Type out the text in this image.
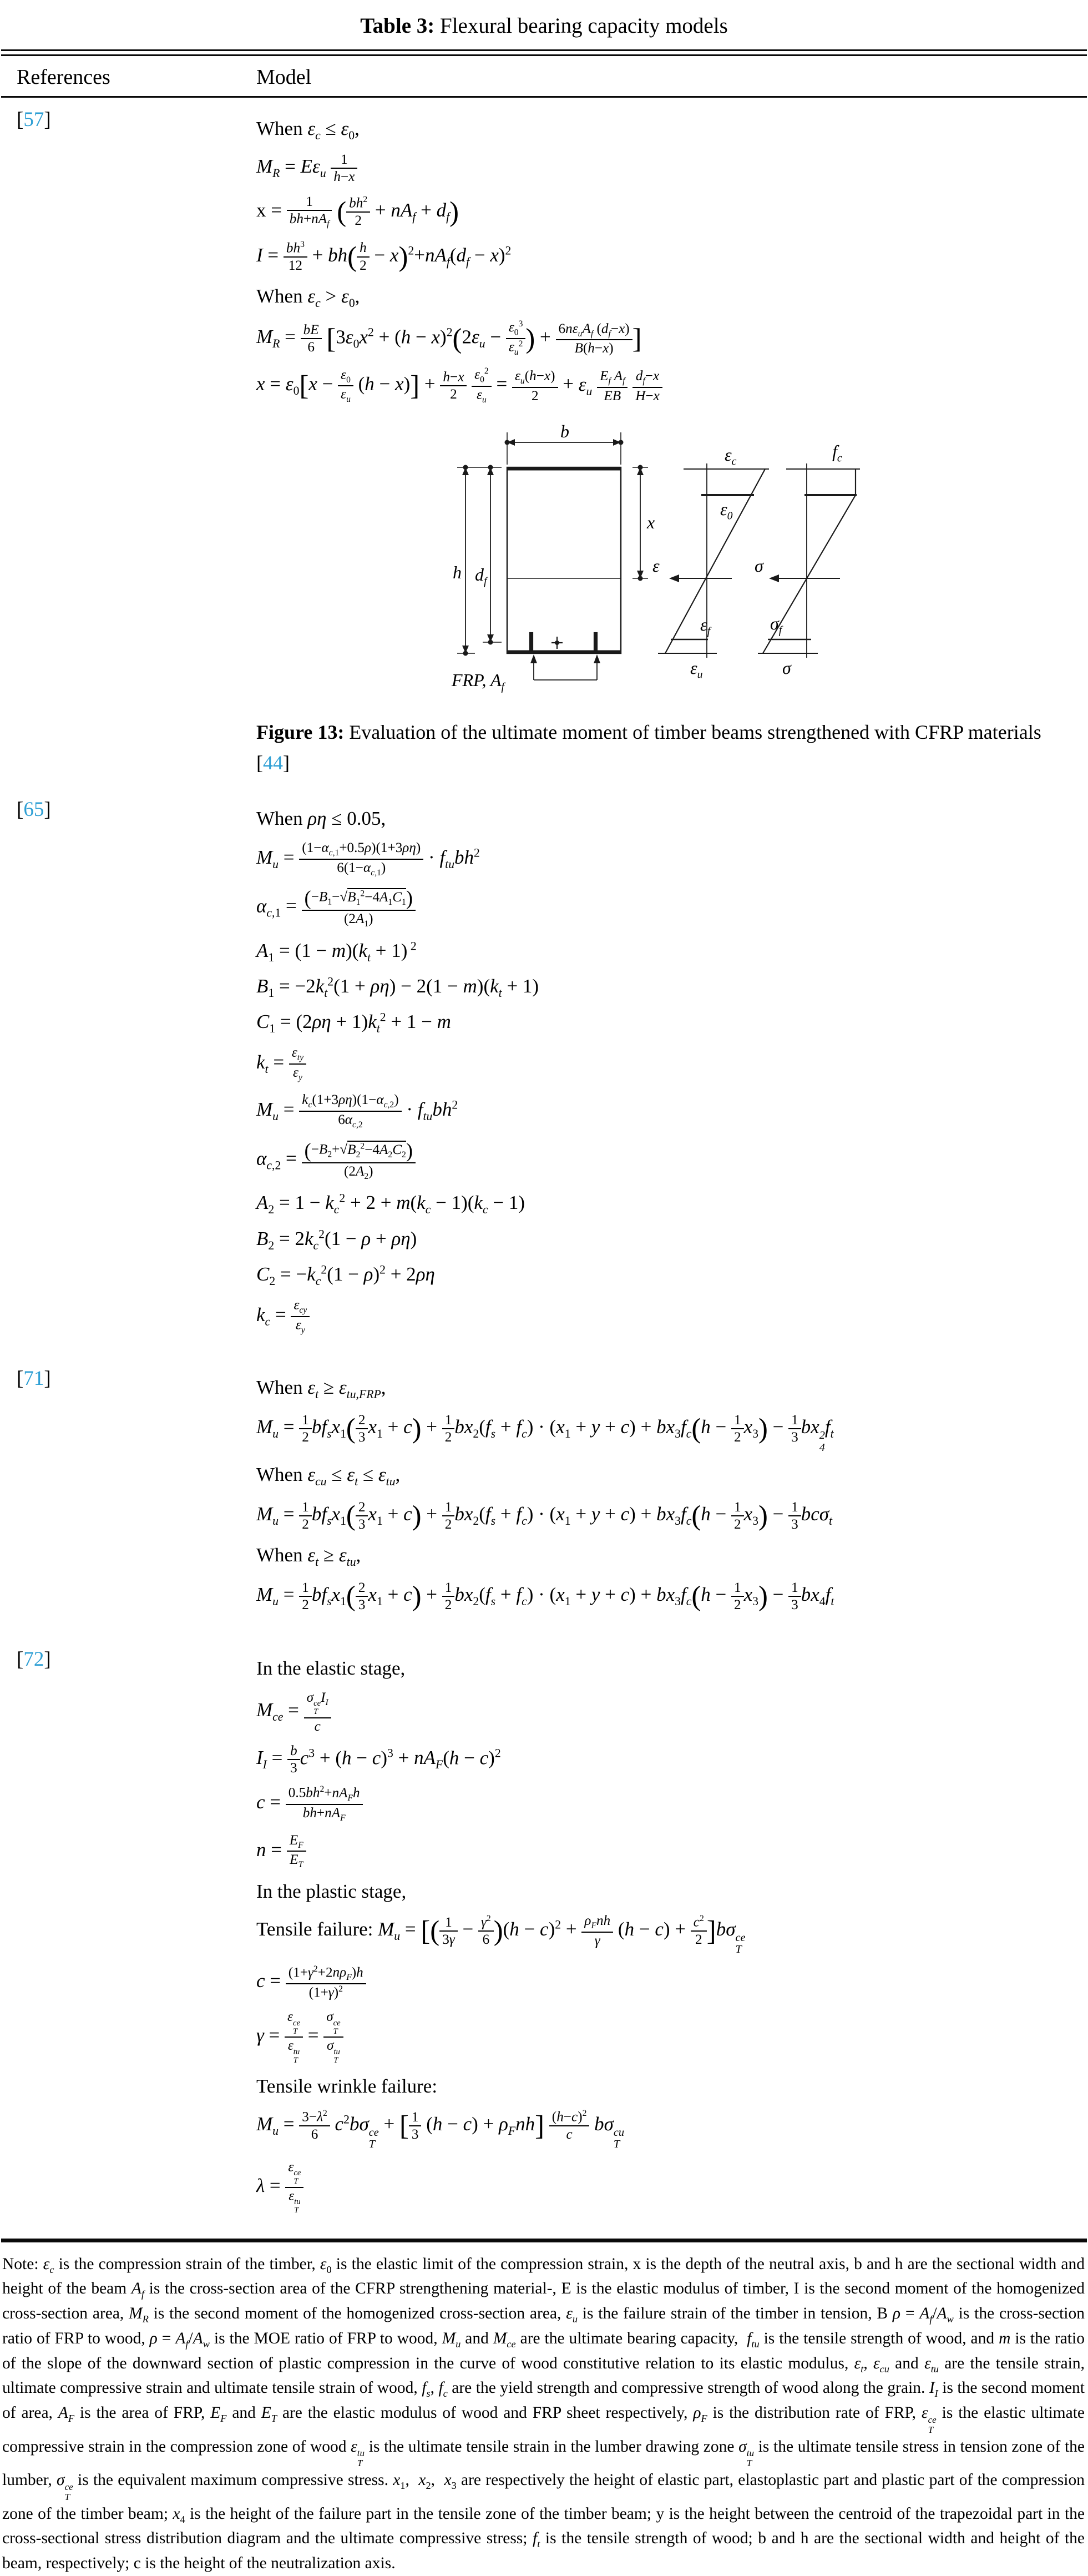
Table 3: Flexural bearing capacity models
References	Model
[57]	When $\varepsilon_c \le \varepsilon_0$,
$M_R = E\varepsilon_u \frac{1}{h-x}$
x =	1
$bh+nA_f$ ( $\frac{bh^2}{2} + nA_f + d_f$)
$I = \frac{bh^3}{12} + bh( \frac{h}{2} - x)^2+nA_f(d_f - x)^2$
When $\varepsilon_c > \varepsilon_0$,
$M_R = \frac{bE}{6} [3\varepsilon_0x^2 + (h - x)^2(2\varepsilon_u - \frac{\varepsilon_0^3}{\varepsilon_u^2}$ ) + $6n\varepsilon_uA_f$ $(d_f-x)$
B(h−x) ]
$x = \varepsilon_0[x - \frac{\varepsilon_0}{\varepsilon_u} (h - x)] + \frac{h-x}{2}$
$\frac{\varepsilon_0^2}{\varepsilon_u} = \frac{\varepsilon_u(h-x)}{2} + \varepsilon_u \frac{E_f A_f}{EB}$
$\frac{d_f-x}{H-x}$
b
h $d_f$
x
FRP, $A_f$
$\varepsilon_c$
$\varepsilon_0$
ε
$\varepsilon_f$
$\varepsilon_u$
$f_c$
σ
$\sigma_f$
σ
Figure 13: Evaluation of the ultimate moment of timber beams strengthened with CFRP materials [44]
[65]	When ρη ≤ 0.05,
$M_u = \frac{(1-\alpha_{c,1}+0.5\rho)(1+3\rho\eta)}{6(1-\alpha_{c,1})} \cdot f_{tu}bh^2$
$\alpha_{c,1} = \frac{(-B_1-√B_1^2-4A_1C_1)}{(2A_1)}$
$A_1 = (1 - m)(k_t + 1)$ $^2$
$B_1 = -2k_t^2(1 + \rho\eta) - 2(1 - m)(k_t + 1)$
$C_1 = (2\rho\eta + 1)k_t^2 + 1 - m$
$k_t = \varepsilon_{ty}$
$\varepsilon_y$
$M_u = \frac{k_c(1+3\rho\eta)(1-\alpha_{c,2})}{6\alpha_{c,2}} \cdot f_{tu}bh^2$
$\alpha_{c,2} = \frac{(-B_2+√B_2^2-4A_2C_2)}{(2A_2)}$
$A_2 = 1 - k_c^2 + 2 + m(k_c - 1)(k_c - 1)$
$B_2 = 2k_c^2(1 - \rho + \rho\eta)$
$C_2 = -k_c^2(1 - \rho)^2 + 2\rho\eta$
$k_c = \varepsilon_{cy}$
$\varepsilon_y$
[71]	When $\varepsilon_t \ge \varepsilon_{tu,FRP}$,
$M_u = \frac{1}{2} bf_sx_1( \frac{2}{3} x_1 + c) + \frac{1}{2} bx_2(f_s + f_c) \cdot (x_1 + y + c) + bx_3f_c(h - \frac{1}{2} x_3) - \frac{1}{3}$ bx 2
4
$f_t$
When $\varepsilon_{cu} \le \varepsilon_t \le \varepsilon_{tu}$,
$M_u = \frac{1}{2} bf_sx_1( \frac{2}{3} x_1 + c) + \frac{1}{2} bx_2(f_s + f_c) \cdot (x_1 + y + c) + bx_3f_c(h - \frac{1}{2} x_3) - \frac{1}{3} bc\sigma_t$
When $\varepsilon_t \ge \varepsilon_{tu}$,
$M_u = \frac{1}{2} bf_sx_1( \frac{2}{3} x_1 + c) + \frac{1}{2} bx_2(f_s + f_c) \cdot (x_1 + y + c) + bx_3f_c(h - \frac{1}{2} x_3) - \frac{1}{3} bx_4f_t$
[72]	In the elastic stage,
$M_{ce}$ =
σ ce
T
$I_I$
c
$I_I = \frac{b}{3} c^3 + (h - c)^3 + nA_F(h - c)^2$
$c = 0.5bh^2+nA_Fh$
$bh+nA_F$
$n = \frac{E_F}{E_T}$
In the plastic stage,
Tensile failure: $M_u$ = [( $\frac{1}{3\gamma} - \frac{\gamma^2}{6} )(h - c)^2 + \rho_Fnh$
γ
$(h - c) + \frac{c^2}{2} ]b\sigma$ ce
T
$c = (1+\gamma^2+2n\rho_F)h$
$(1+\gamma)^2$
γ =
ε ce
T
ε tu
T
=
σ ce
T
σ tu
T
Tensile wrinkle failure:
$M_u = \frac{3-\lambda^2}{6} c^2b\sigma$ ce
T
+ [ $\frac{1}{3} (h - c) + \rho_Fnh] \frac{(h-c)^2}{c}$ bσ cu
T
λ =
ε ce
T
ε tu
T
Note: $\varepsilon_c$ is the compression strain of the timber, $\varepsilon_0$ is the elastic limit of the compression strain, x is the depth of the neutral axis, b and h are the sectional width and height of the beam $A_f$ is the cross-section area of the CFRP strengthening material-, E is the elastic modulus of timber, I is the second moment of the homogenized cross-section area, $M_R$ is the second moment of the homogenized cross-section area, $\varepsilon_u$ is the failure strain of the timber in tension, B $\rho = A_f/A_w$ is the cross-section ratio of FRP to wood, $\rho = A_f/A_w$ is the MOE ratio of FRP to wood, $M_u$ and $M_{ce}$ are the ultimate bearing capacity,  $f_{tu}$ is the tensile strength of wood, and m is the ratio of the slope of the downward section of plastic compression in the curve of wood constitutive relation to its elastic modulus, $\varepsilon_t$, $\varepsilon_{cu}$ and $\varepsilon_{tu}$ are the tensile strain, ultimate compressive strain and ultimate tensile strain of wood, $f_s$, $f_c$ are the yield strength and compressive strength of wood along the grain. $I_I$ is the second moment of area, $A_F$ is the area of FRP, $E_F$ and $E_T$ are the elastic modulus of wood and FRP sheet respectively, $\rho_F$ is the distribution rate of FRP, ε ce
T
is the elastic ultimate compressive strain in the compression zone of wood ε tu
T
is the ultimate tensile strain in the lumber drawing zone σ tu
T
is the ultimate tensile stress in tension zone of the lumber, σ ce
T
is the equivalent maximum compressive stress. $x_1$,  $x_2$,  $x_3$ are respectively the height of elastic part, elastoplastic part and plastic part of the compression zone of the timber beam; $x_4$ is the height of the failure part in the tensile zone of the timber beam; y is the height between the centroid of the trapezoidal part in the cross-sectional stress distribution diagram and the ultimate compressive stress; $f_t$ is the tensile strength of wood; b and h are the sectional width and height of the beam, respectively; c is the height of the neutralization axis.
